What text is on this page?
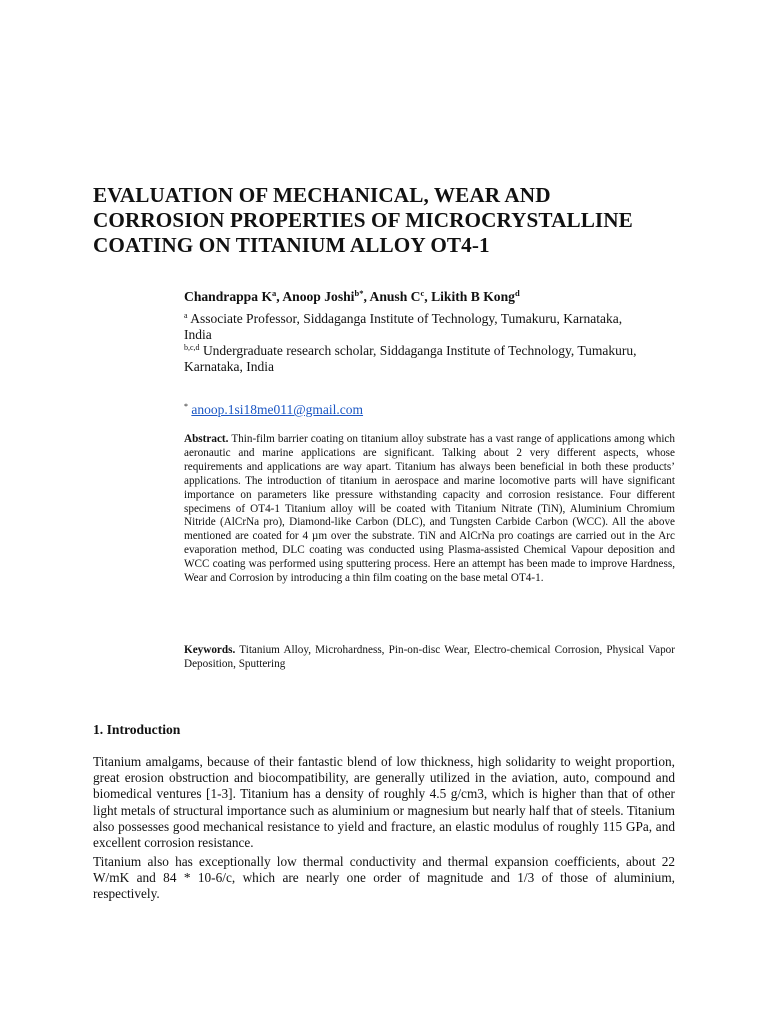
EVALUATION OF MECHANICAL, WEAR AND
CORROSION PROPERTIES OF MICROCRYSTALLINE
COATING ON TITANIUM ALLOY OT4-1
Chandrappa $K^a$, Anoop Joshi$^{b*}$, Anush $C^c$, Likith B Kong$^d$
$^a$ Associate Professor, Siddaganga Institute of Technology, Tumakuru, Karnataka,
India
$^{b,c,d}$ Undergraduate research scholar, Siddaganga Institute of Technology, Tumakuru,
Karnataka, India
* anoop.1si18me011@gmail.com

Abstract. Thin-film barrier coating on titanium alloy substrate has a vast range of applications among which aeronautic and marine applications are significant. Talking about 2 very different aspects, whose requirements and applications are way apart. Titanium has always been beneficial in both these products’ applications. The introduction of titanium in aerospace and marine locomotive parts will have significant importance on parameters like pressure withstanding capacity and corrosion resistance. Four different specimens of OT4-1 Titanium alloy will be coated with Titanium Nitrate (TiN), Aluminium Chromium Nitride (AlCrNa pro), Diamond-like Carbon (DLC), and Tungsten Carbide Carbon (WCC). All the above mentioned are coated for 4 µm over the substrate. TiN and AlCrNa pro coatings are carried out in the Arc evaporation method, DLC coating was conducted using Plasma-assisted Chemical Vapour deposition and WCC coating was performed using sputtering process. Here an attempt has been made to improve Hardness, Wear and Corrosion by introducing a thin film coating on the base metal OT4-1.

Keywords. Titanium Alloy, Microhardness, Pin-on-disc Wear, Electro-chemical Corrosion, Physical Vapor Deposition, Sputtering

1. Introduction

Titanium amalgams, because of their fantastic blend of low thickness, high solidarity to weight proportion, great erosion obstruction and biocompatibility, are generally utilized in the aviation, auto, compound and biomedical ventures [1-3]. Titanium has a density of roughly 4.5 g/cm3, which is higher than that of other light metals of structural importance such as aluminium or magnesium but nearly half that of steels. Titanium also possesses good mechanical resistance to yield and fracture, an elastic modulus of roughly 115 GPa, and excellent corrosion resistance.

Titanium also has exceptionally low thermal conductivity and thermal expansion coefficients, about 22 W/mK and 84 * 10-6/c, which are nearly one order of magnitude and 1/3 of those of aluminium, respectively.
